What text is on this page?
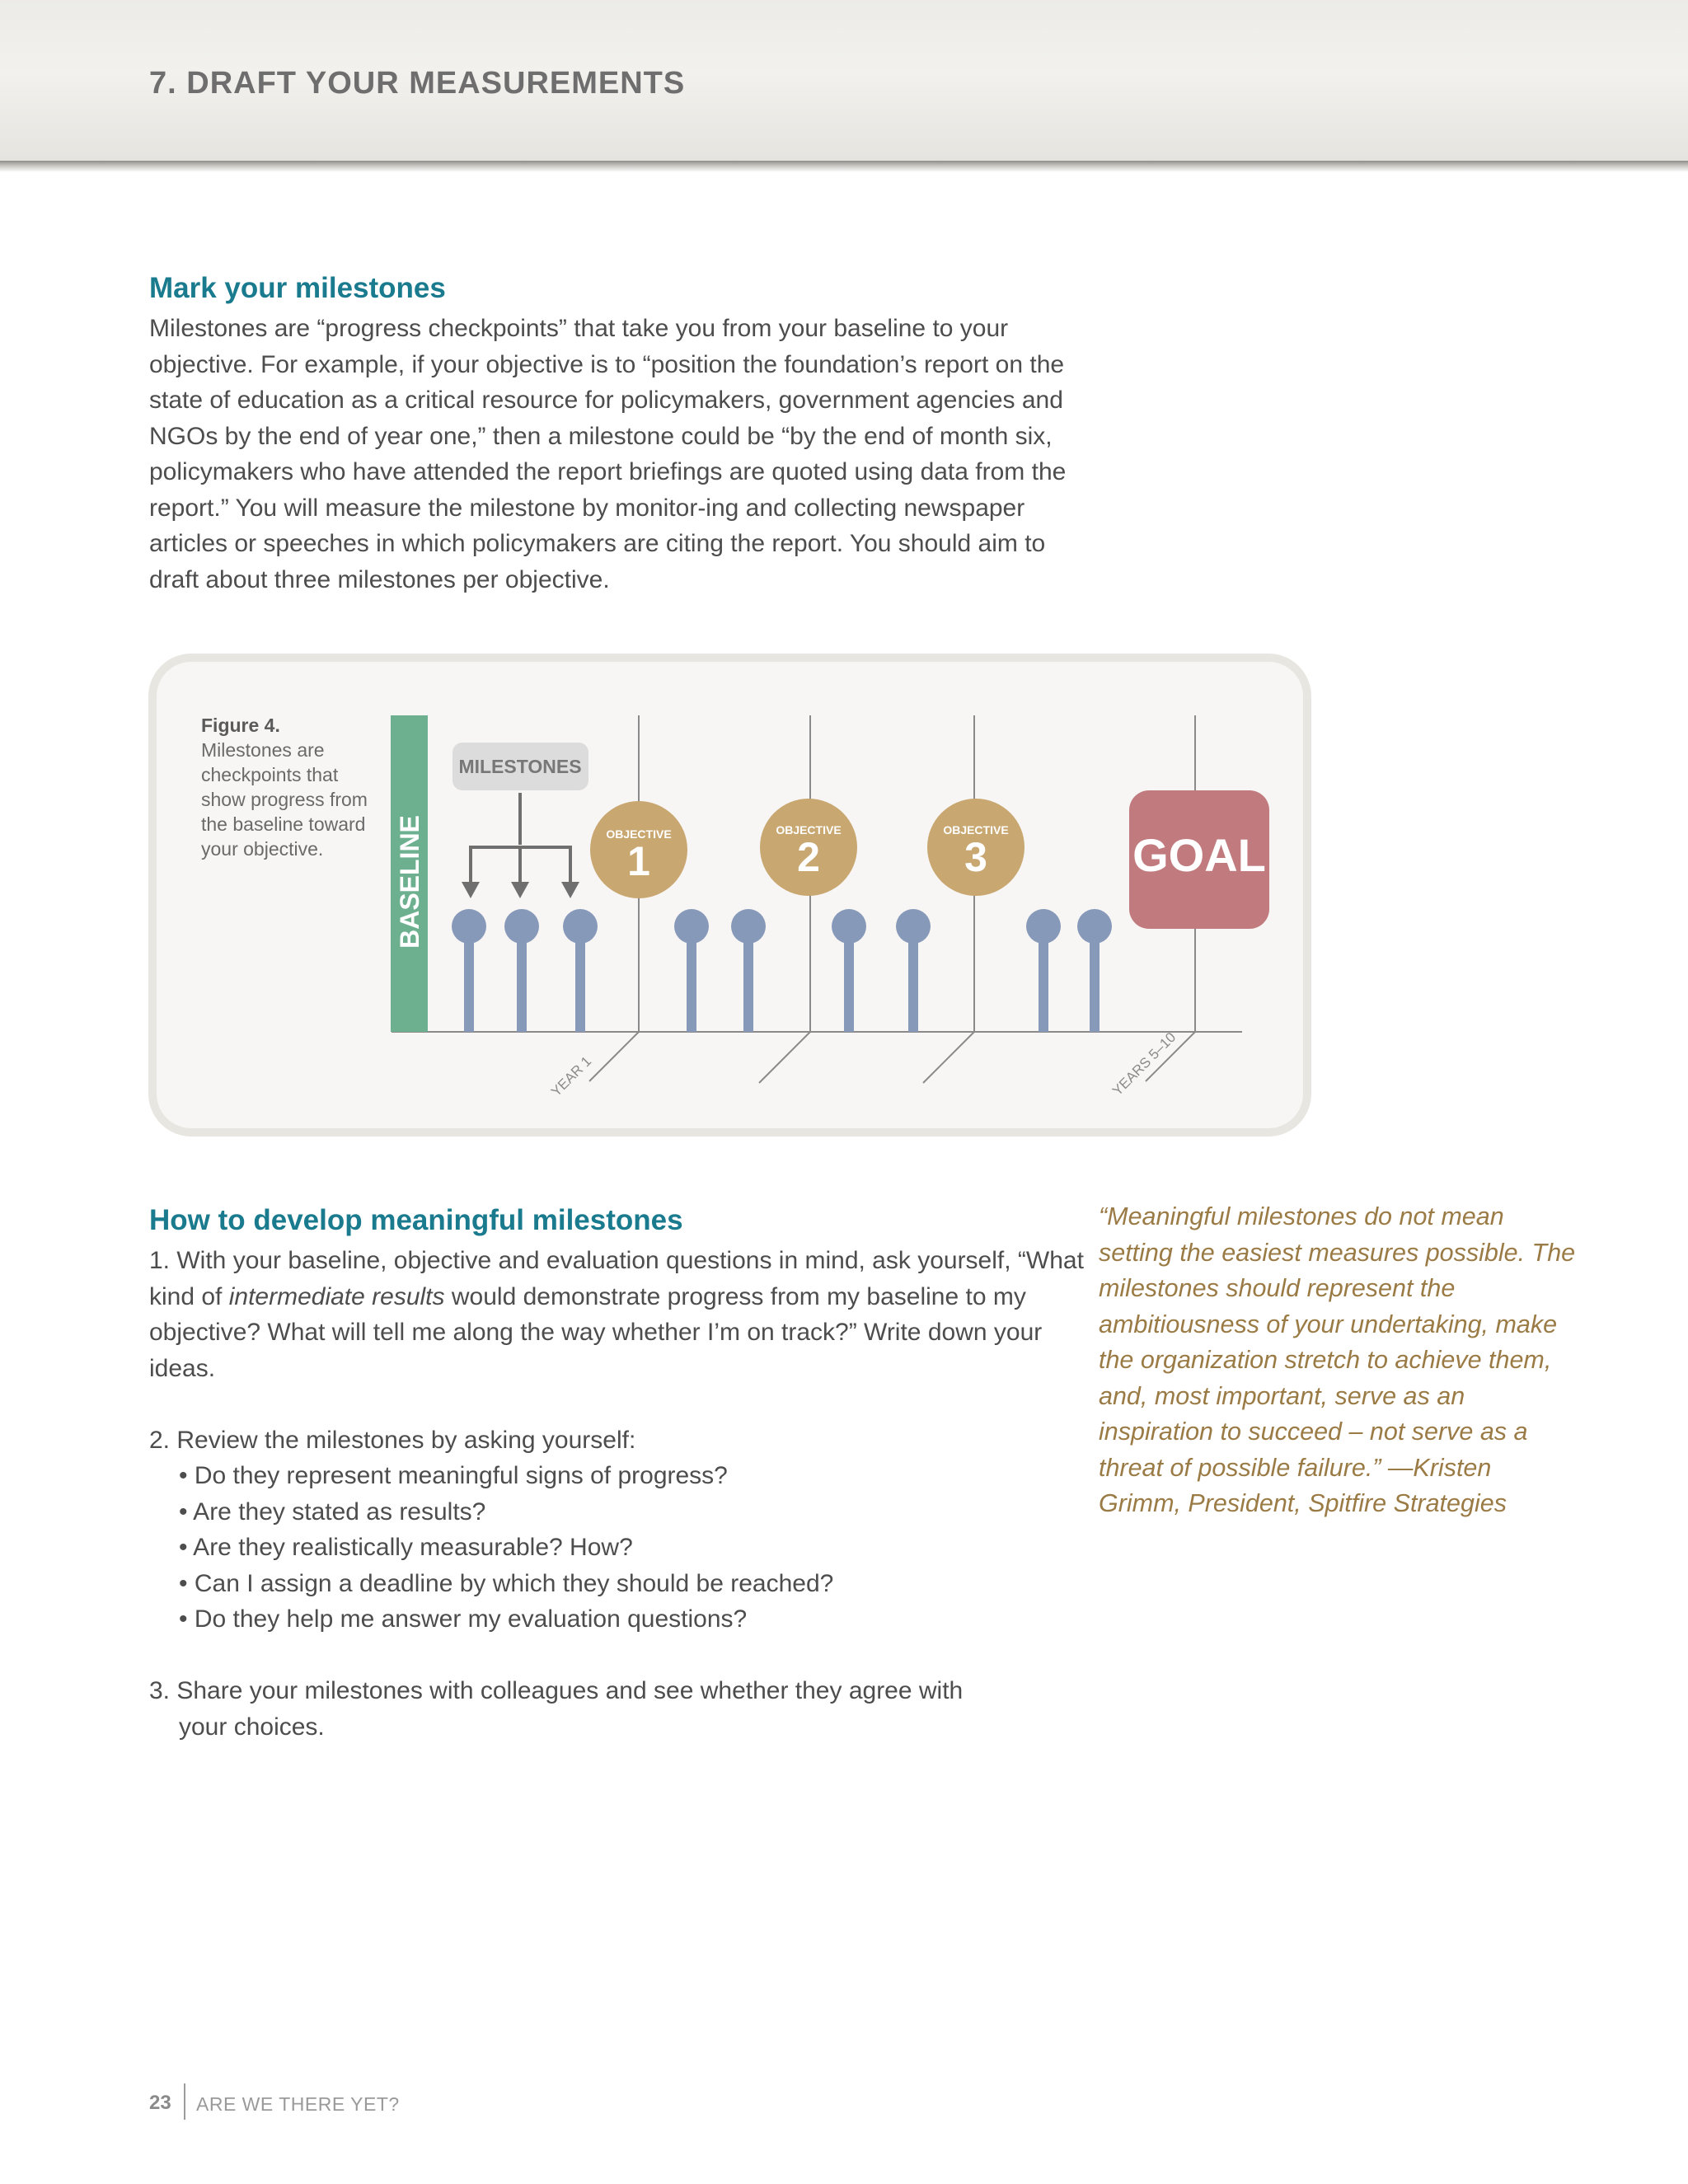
7. DRAFT YOUR MEASUREMENTS
Mark your milestones

Milestones are “progress checkpoints” that take you from your baseline to your objective. For example, if your objective is to “position the foundation’s report on the state of education as a critical resource for policymakers, government agencies and NGOs by the end of year one,” then a milestone could be “by the end of month six, policymakers who have attended the report briefings are quoted using data from the report.” You will measure the milestone by monitor-ing and collecting newspaper articles or speeches in which policymakers are citing the report. You should aim to draft about three milestones per objective.

Figure 4.
Milestones are checkpoints that show progress from the baseline toward your objective.
YEAR 1	YEARS 5–10
BASELINE
MILESTONES
OBJECTIVE
1
OBJECTIVE
2
OBJECTIVE
3	GOAL
How to develop meaningful milestones

1. With your baseline, objective and evaluation questions in mind, ask yourself, “What kind of intermediate results would demonstrate progress from my baseline to my objective? What will tell me along the way whether I’m on track?” Write down your ideas.

2. Review the milestones by asking yourself:

• Do they represent meaningful signs of progress?

• Are they stated as results?

• Are they realistically measurable? How?

• Can I assign a deadline by which they should be reached?

• Do they help me answer my evaluation questions?

3. Share your milestones with colleagues and see whether they agree with

your choices.

“Meaningful milestones do not mean setting the easiest measures possible. The milestones should represent the ambitiousness of your undertaking, make the organization stretch to achieve them, and, most important, serve as an inspiration to succeed – not serve as a threat of possible failure.” —Kristen Grimm, President, Spitfire Strategies

23 ARE WE THERE YET?
